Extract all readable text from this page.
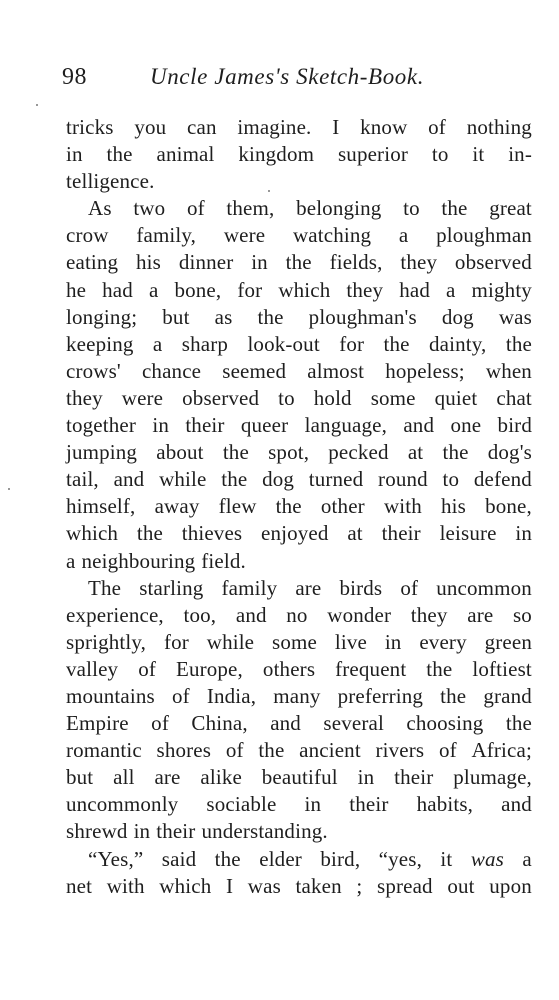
98	Uncle James's Sketch-Book.
tricks you can imagine. I know of nothing
in the animal kingdom superior to it in-
telligence.
As two of them, belonging to the great
crow family, were watching a ploughman
eating his dinner in the fields, they observed
he had a bone, for which they had a mighty
longing; but as the ploughman's dog was
keeping a sharp look-out for the dainty, the
crows' chance seemed almost hopeless; when
they were observed to hold some quiet chat
together in their queer language, and one bird
jumping about the spot, pecked at the dog's
tail, and while the dog turned round to defend
himself, away flew the other with his bone,
which the thieves enjoyed at their leisure in
a neighbouring field.
The starling family are birds of uncommon
experience, too, and no wonder they are so
sprightly, for while some live in every green
valley of Europe, others frequent the loftiest
mountains of India, many preferring the grand
Empire of China, and several choosing the
romantic shores of the ancient rivers of Africa;
but all are alike beautiful in their plumage,
uncommonly sociable in their habits, and
shrewd in their understanding.
“Yes,” said the elder bird, “yes, it was a
net with which I was taken ; spread out upon
